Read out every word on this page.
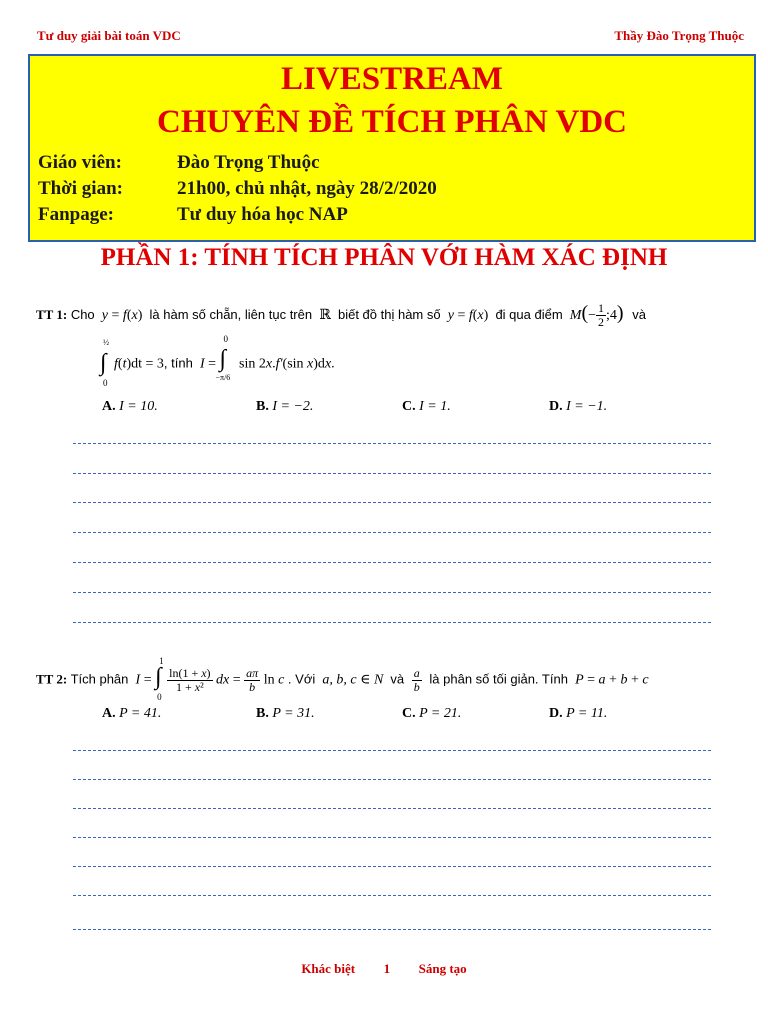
Tư duy giải bài toán VDC	Thầy Đào Trọng Thuộc
LIVESTREAM
CHUYÊN ĐỀ TÍCH PHÂN VDC
Giáo viên:	Đào Trọng Thuộc
Thời gian:	21h00, chủ nhật, ngày 28/2/2020
Fanpage:	Tư duy hóa học NAP
PHẦN 1: TÍNH TÍCH PHÂN VỚI HÀM XÁC ĐỊNH
TT 1: Cho  y = f(x)  là hàm số chẵn, liên tục trên  ℝ  biết đồ thị hàm số  y = f(x)  đi qua điểm  $M(- \frac{1}{2}$ ;4)  và
½
∫
0
f(t)dt = 3, tính  I =
0
∫
−π/6
sin 2x.f′(sin x)dx.
A. I = 10.	B. I = −2.	C. I = 1.	D. I = −1.
TT 2: Tích phân  I =
1
∫
0
$\frac{\ln(1 + x)}{\text{1 + x²}}$ dx = $\frac{a\pi}{b}$ ln c . Với  a, b, c ∈ N  và $\frac{a}{b}$ là phân số tối giản. Tính  P = a + b + c
A. P = 41.	B. P = 31.	C. P = 21.	D. P = 11.
Khác biệt 1 Sáng tạo
